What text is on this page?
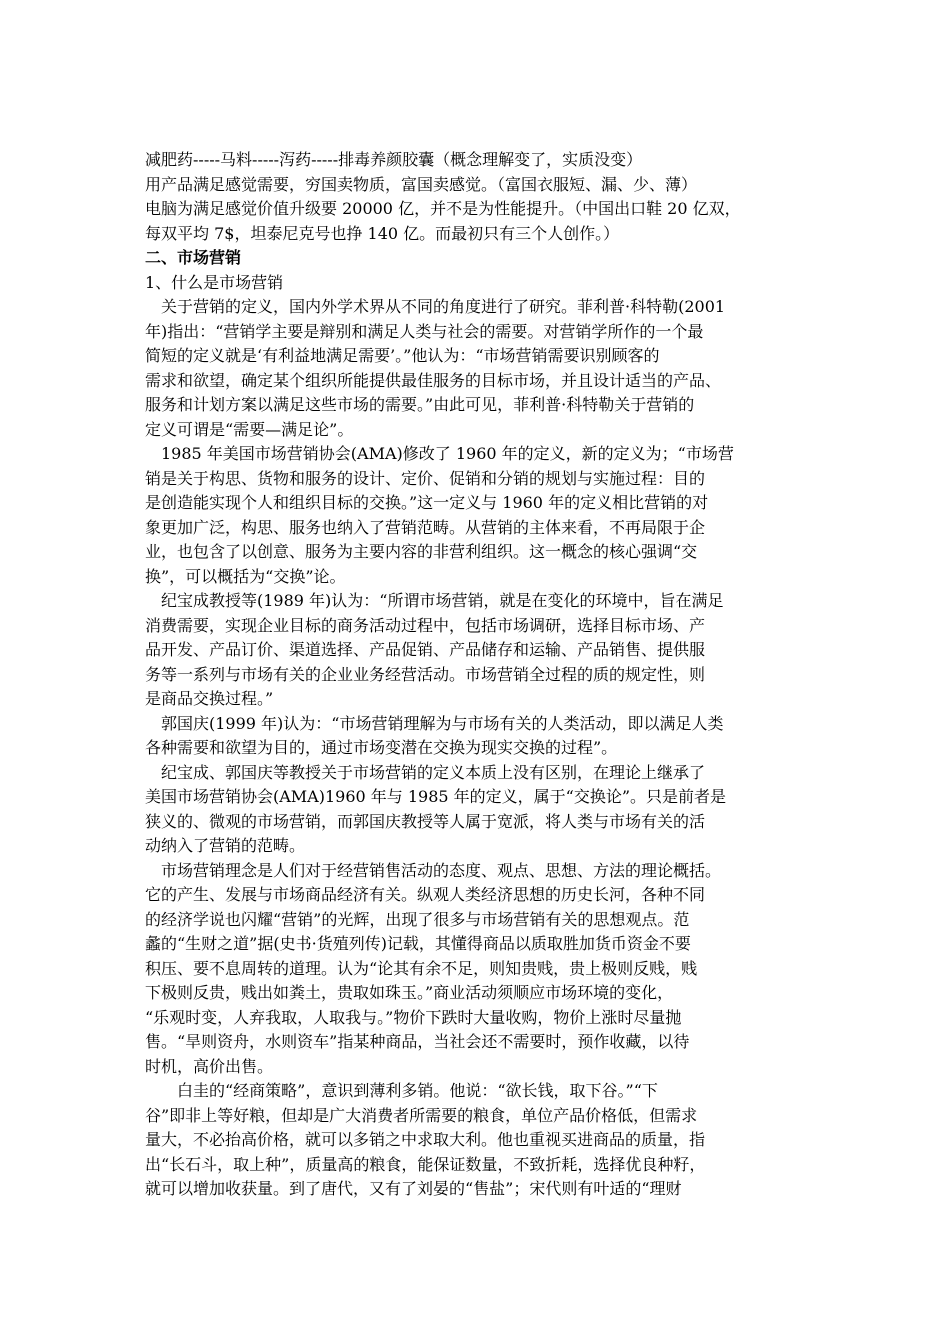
减肥药-----马料-----泻药-----排毒养颜胶囊（概念理解变了，实质没变）
用产品满足感觉需要，穷国卖物质，富国卖感觉。（富国衣服短、漏、少、薄）
电脑为满足感觉价值升级要 20000 亿，并不是为性能提升。（中国出口鞋 20 亿双，
每双平均 7$，坦泰尼克号也挣 140 亿。而最初只有三个人创作。）
二、市场营销
1、什么是市场营销
　关于营销的定义，国内外学术界从不同的角度进行了研究。菲利普·科特勒(2001
年)指出：“营销学主要是辩别和满足人类与社会的需要。对营销学所作的一个最
简短的定义就是‘有利益地满足需要’。”他认为：“市场营销需要识别顾客的
需求和欲望，确定某个组织所能提供最佳服务的目标市场，并且设计适当的产品、
服务和计划方案以满足这些市场的需要。”由此可见，菲利普·科特勒关于营销的
定义可谓是“需要—满足论”。
　1985 年美国市场营销协会(AMA)修改了 1960 年的定义，新的定义为；“市场营
销是关于构思、货物和服务的设计、定价、促销和分销的规划与实施过程：目的
是创造能实现个人和组织目标的交换。”这一定义与 1960 年的定义相比营销的对
象更加广泛，构思、服务也纳入了营销范畴。从营销的主体来看，不再局限于企
业，也包含了以创意、服务为主要内容的非营利组织。这一概念的核心强调“交
换”，可以概括为“交换”论。
　纪宝成教授等(1989 年)认为：“所谓市场营销，就是在变化的环境中，旨在满足
消费需要，实现企业目标的商务活动过程中，包括市场调研，选择目标市场、产
品开发、产品订价、渠道选择、产品促销、产品储存和运输、产品销售、提供服
务等一系列与市场有关的企业业务经营活动。市场营销全过程的质的规定性，则
是商品交换过程。”
　郭国庆(1999 年)认为：“市场营销理解为与市场有关的人类活动，即以满足人类
各种需要和欲望为目的，通过市场变潜在交换为现实交换的过程”。
　纪宝成、郭国庆等教授关于市场营销的定义本质上没有区别，在理论上继承了
美国市场营销协会(AMA)1960 年与 1985 年的定义，属于“交换论”。只是前者是
狭义的、微观的市场营销，而郭国庆教授等人属于宽派，将人类与市场有关的活
动纳入了营销的范畴。
　市场营销理念是人们对于经营销售活动的态度、观点、思想、方法的理论概括。
它的产生、发展与市场商品经济有关。纵观人类经济思想的历史长河，各种不同
的经济学说也闪耀“营销”的光辉，出现了很多与市场营销有关的思想观点。范
蠡的“生财之道”据(史书·货殖列传)记载，其懂得商品以质取胜加货币资金不要
积压、要不息周转的道理。认为“论其有余不足，则知贵贱，贵上极则反贱，贱
下极则反贵，贱出如粪土，贵取如珠玉。”商业活动须顺应市场环境的变化，
“乐观时变，人弃我取，人取我与。”物价下跌时大量收购，物价上涨时尽量抛
售。“旱则资舟，水则资车”指某种商品，当社会还不需要时，预作收藏，以待
时机，高价出售。
　　白圭的“经商策略”，意识到薄利多销。他说：“欲长钱，取下谷。”“下
谷”即非上等好粮，但却是广大消费者所需要的粮食，单位产品价格低，但需求
量大，不必抬高价格，就可以多销之中求取大利。他也重视买进商品的质量，指
出“长石斗，取上种”，质量高的粮食，能保证数量，不致折耗，选择优良种籽，
就可以增加收获量。到了唐代，又有了刘晏的“售盐”；宋代则有叶适的“理财
